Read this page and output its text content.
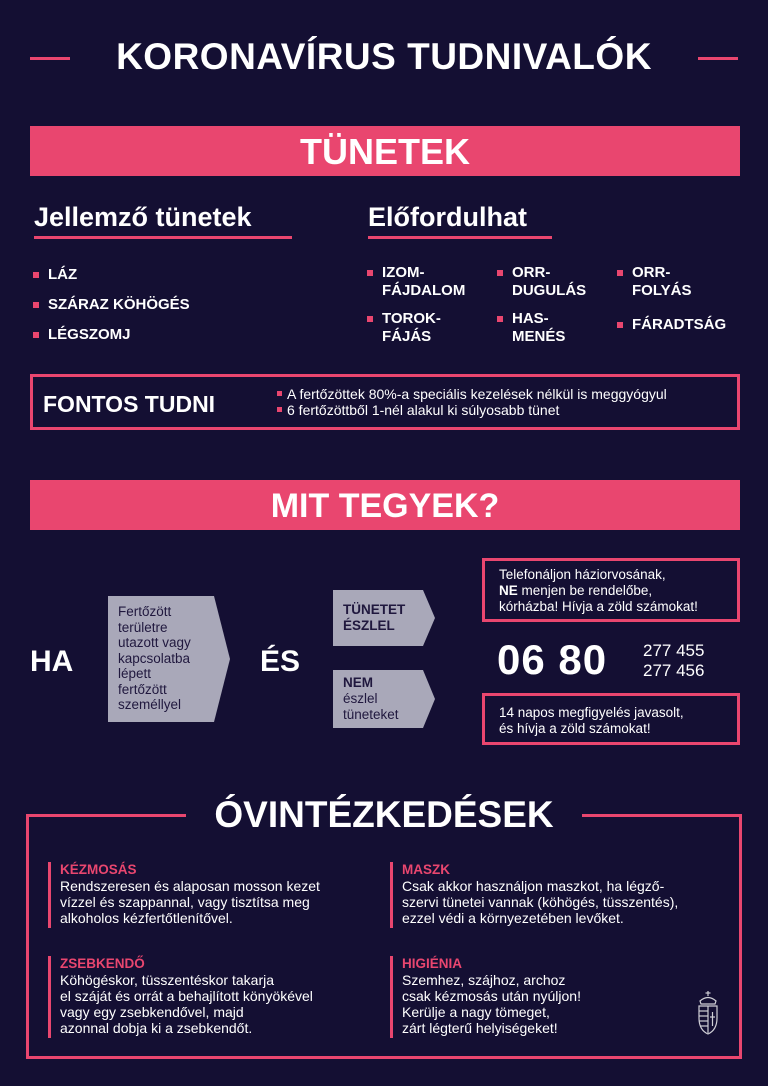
KORONAVÍRUS TUDNIVALÓK
TÜNETEK
Jellemző tünetek
LÁZ
SZÁRAZ KÖHÖGÉS
LÉGSZOMJ
Előfordulhat
IZOM-
FÁJDALOM
ORR-
DUGULÁS
ORR-
FOLYÁS
TOROK-
FÁJÁS
HAS-
MENÉS
FÁRADTSÁG
FONTOS TUDNI	A fertőzöttek 80%-a speciális kezelések nélkül is meggyógyul
6 fertőzöttből 1-nél alakul ki súlyosabb tünet
MIT TEGYEK?
HA
Fertőzött
területre
utazott vagy
kapcsolatba
lépett
fertőzött
személlyel
ÉS
TÜNETET
ÉSZLEL
NEM
észlel
tüneteket
Telefonáljon háziorvosának,
NE menjen be rendelőbe,
kórházba! Hívja a zöld számokat!
06 80 277 455
277 456
14 napos megfigyelés javasolt,
és hívja a zöld számokat!
ÓVINTÉZKEDÉSEK
KÉZMOSÁS
Rendszeresen és alaposan mosson kezet
vízzel és szappannal, vagy tisztítsa meg
alkoholos kézfertőtlenítővel.
MASZK
Csak akkor használjon maszkot, ha légző-
szervi tünetei vannak (köhögés, tüsszentés),
ezzel védi a környezetében levőket.
ZSEBKENDŐ
Köhögéskor, tüsszentéskor takarja
el száját és orrát a behajlított könyökével
vagy egy zsebkendővel, majd
azonnal dobja ki a zsebkendőt.
HIGIÉNIA
Szemhez, szájhoz, archoz
csak kézmosás után nyúljon!
Kerülje a nagy tömeget,
zárt légterű helyiségeket!
